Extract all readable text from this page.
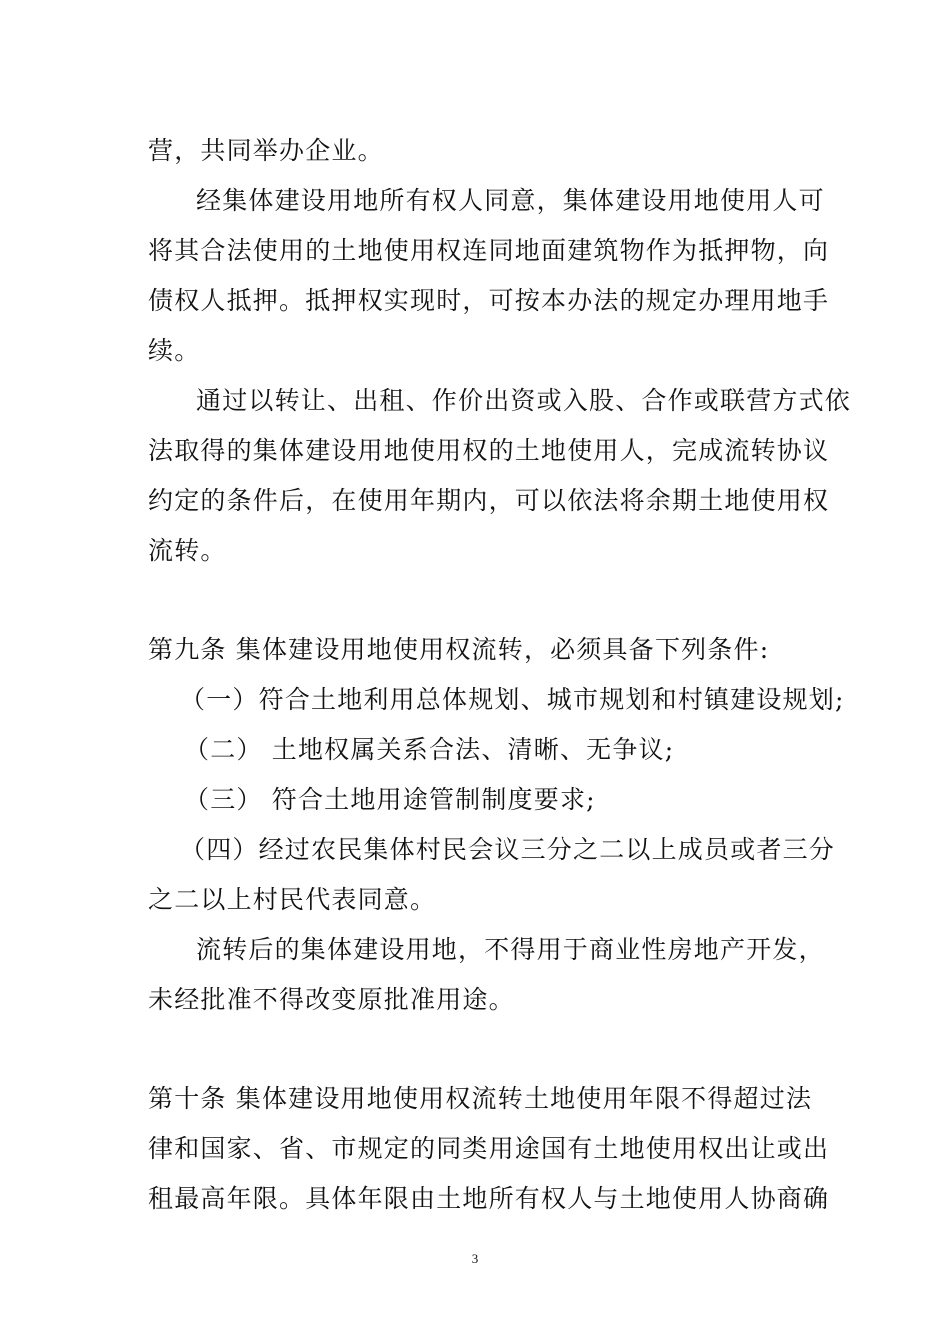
营，共同举办企业。
经集体建设用地所有权人同意，集体建设用地使用人可
将其合法使用的土地使用权连同地面建筑物作为抵押物，向
债权人抵押。抵押权实现时，可按本办法的规定办理用地手
续。
通过以转让、出租、作价出资或入股、合作或联营方式依
法取得的集体建设用地使用权的土地使用人，完成流转协议
约定的条件后，在使用年期内，可以依法将余期土地使用权
流转。
第九条 集体建设用地使用权流转，必须具备下列条件:
（一）符合土地利用总体规划、城市规划和村镇建设规划;
（二） 土地权属关系合法、清晰、无争议;
（三） 符合土地用途管制制度要求;
（四）经过农民集体村民会议三分之二以上成员或者三分
之二以上村民代表同意。
流转后的集体建设用地，不得用于商业性房地产开发，
未经批准不得改变原批准用途。
第十条 集体建设用地使用权流转土地使用年限不得超过法
律和国家、省、市规定的同类用途国有土地使用权出让或出
租最高年限。具体年限由土地所有权人与土地使用人协商确
3
